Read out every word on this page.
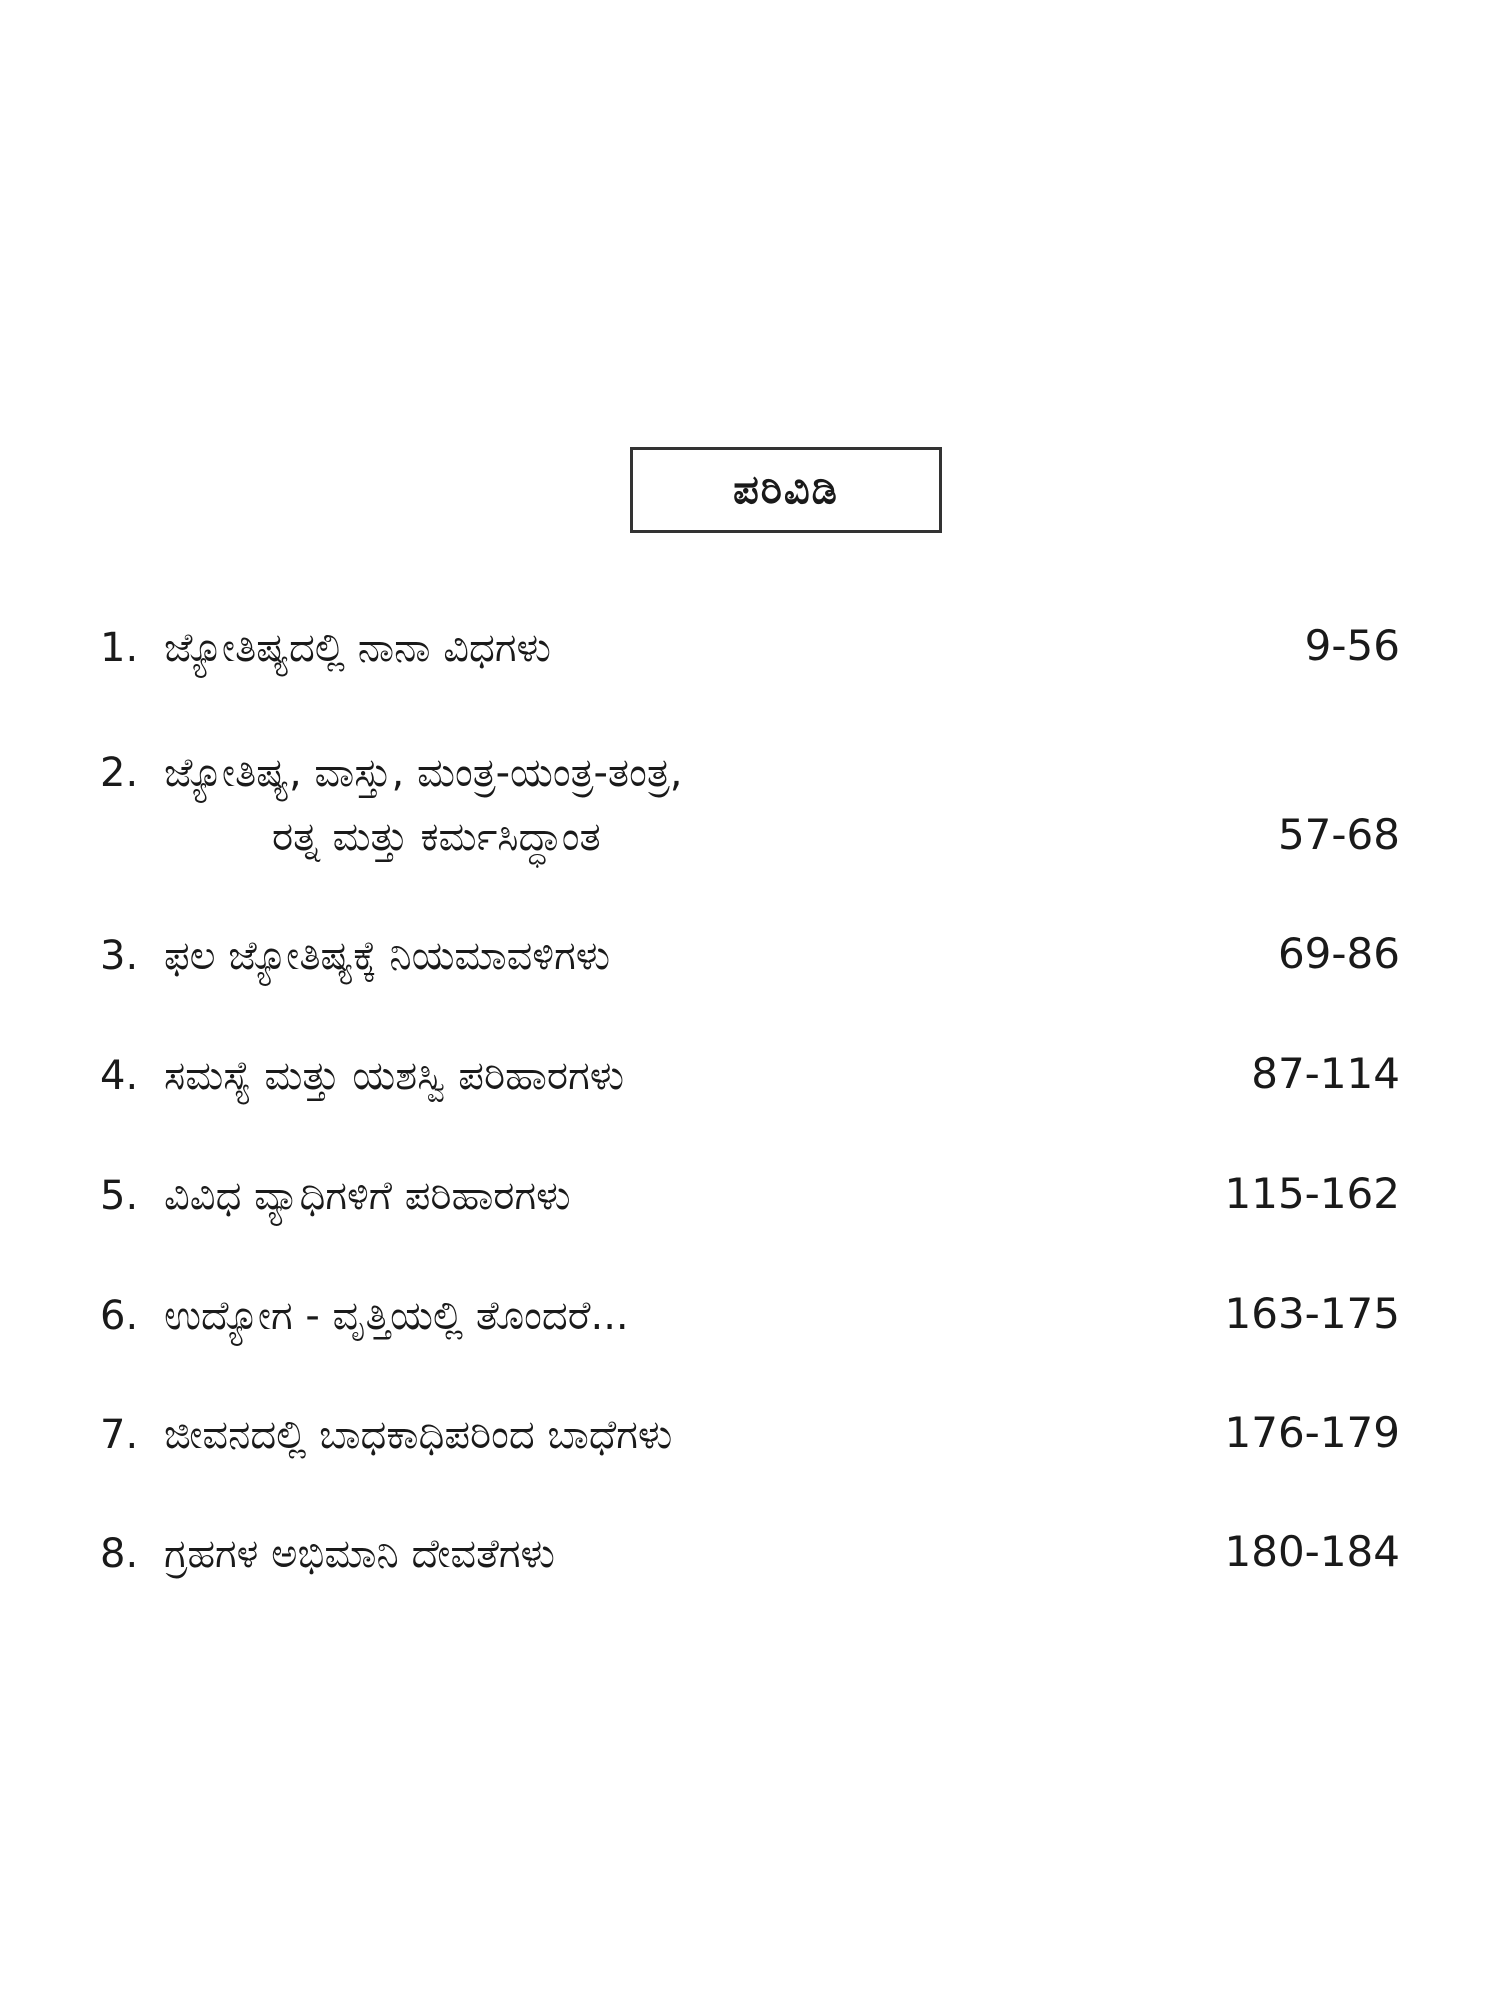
ಪರಿವಿಡಿ
1. ಜ್ಯೋತಿಷ್ಯದಲ್ಲಿ ನಾನಾ ವಿಧಗಳು	9-56
2. ಜ್ಯೋತಿಷ್ಯ, ವಾಸ್ತು, ಮಂತ್ರ-ಯಂತ್ರ-ತಂತ್ರ,
ರತ್ನ ಮತ್ತು ಕರ್ಮಸಿದ್ಧಾಂತ	57-68
3. ಫಲ ಜ್ಯೋತಿಷ್ಯಕ್ಕೆ ನಿಯಮಾವಳಿಗಳು	69-86
4. ಸಮಸ್ಯೆ ಮತ್ತು ಯಶಸ್ವಿ ಪರಿಹಾರಗಳು	87-114
5. ವಿವಿಧ ವ್ಯಾಧಿಗಳಿಗೆ ಪರಿಹಾರಗಳು	115-162
6. ಉದ್ಯೋಗ - ವೃತ್ತಿಯಲ್ಲಿ ತೊಂದರೆ...	163-175
7. ಜೀವನದಲ್ಲಿ ಬಾಧಕಾಧಿಪರಿಂದ ಬಾಧೆಗಳು	176-179
8. ಗ್ರಹಗಳ ಅಭಿಮಾನಿ ದೇವತೆಗಳು	180-184
